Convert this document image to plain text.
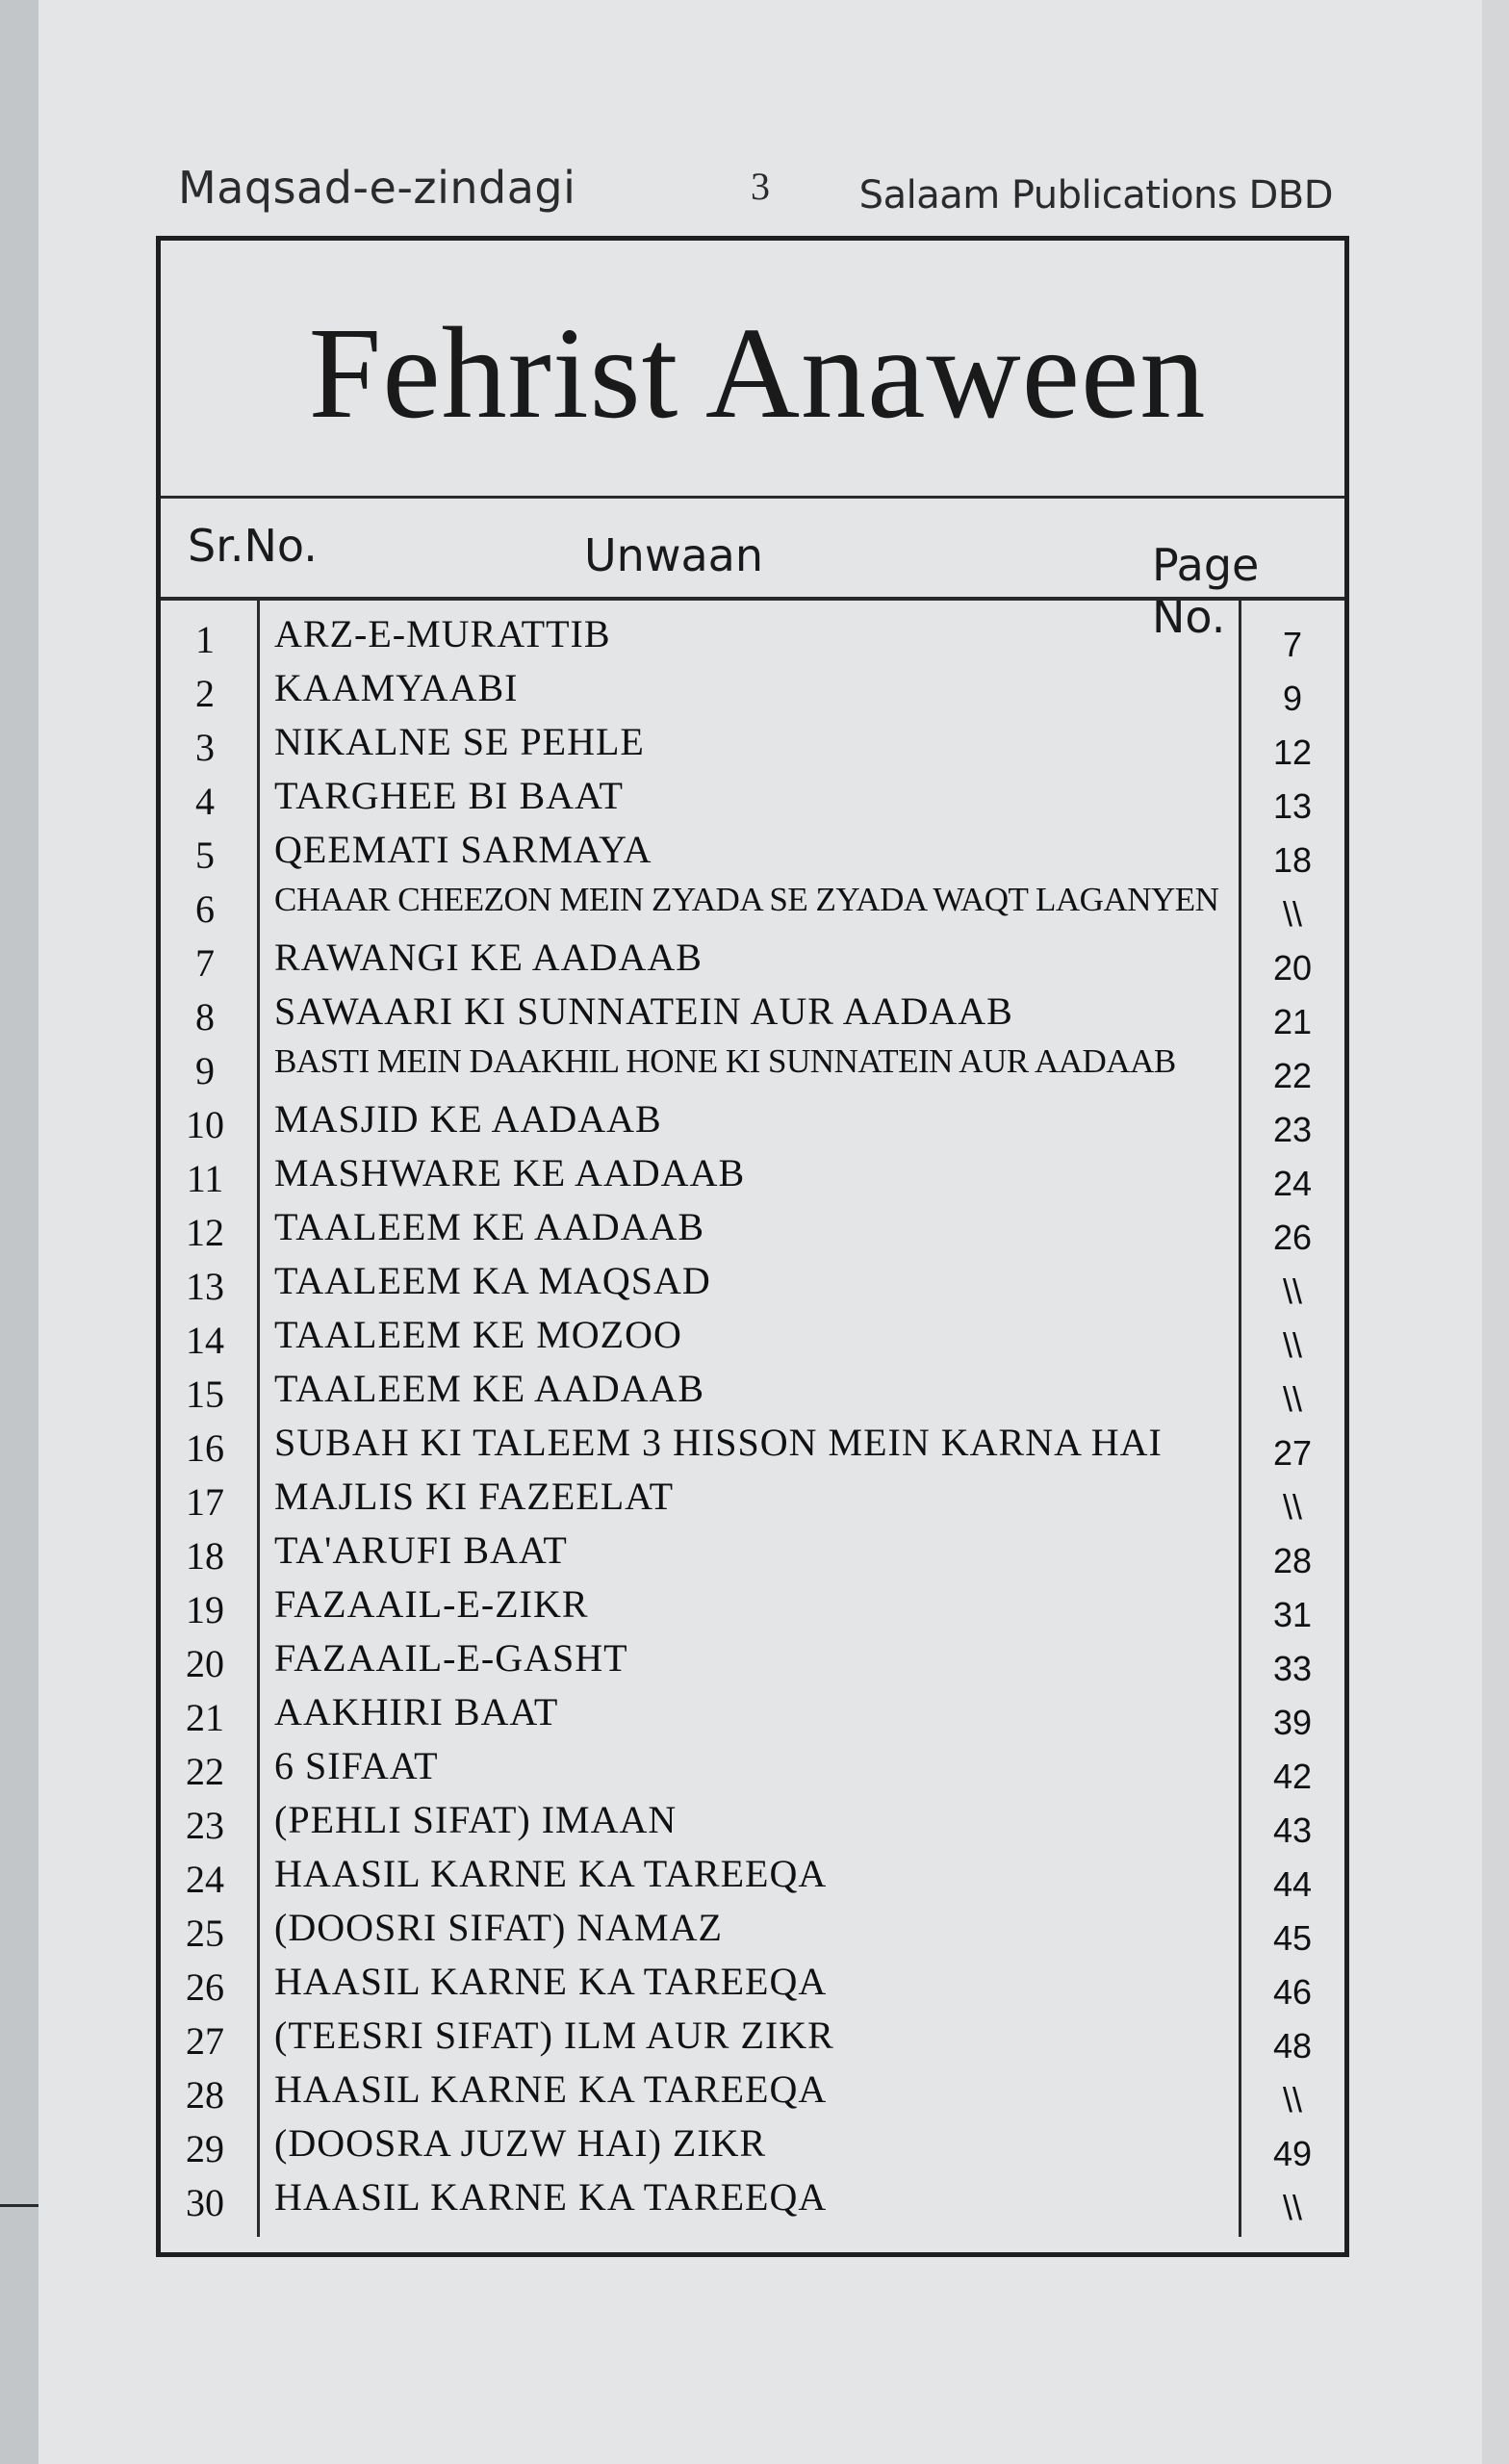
Maqsad-e-zindagi	3 Salaam Publications DBD
Fehrist Anaween
Sr.No.	Unwaan	Page No.
1	ARZ-E-MURATTIB	7
2	KAAMYAABI	9
3	NIKALNE SE PEHLE	12
4	TARGHEE BI BAAT	13
5	QEEMATI SARMAYA	18
6	CHAAR CHEEZON MEIN ZYADA SE ZYADA WAQT LAGANYEN	\\
7	RAWANGI KE AADAAB	20
8	SAWAARI KI SUNNATEIN AUR AADAAB	21
9	BASTI MEIN DAAKHIL HONE KI SUNNATEIN AUR AADAAB	22
10	MASJID KE AADAAB	23
11	MASHWARE KE AADAAB	24
12	TAALEEM KE AADAAB	26
13	TAALEEM KA MAQSAD	\\
14	TAALEEM KE MOZOO	\\
15	TAALEEM KE AADAAB	\\
16	SUBAH KI TALEEM 3 HISSON MEIN KARNA HAI	27
17	MAJLIS KI FAZEELAT	\\
18	TA'ARUFI BAAT	28
19	FAZAAIL-E-ZIKR	31
20	FAZAAIL-E-GASHT	33
21	AAKHIRI BAAT	39
22	6 SIFAAT	42
23	(PEHLI SIFAT) IMAAN	43
24	HAASIL KARNE KA TAREEQA	44
25	(DOOSRI SIFAT) NAMAZ	45
26	HAASIL KARNE KA TAREEQA	46
27	(TEESRI SIFAT) ILM AUR ZIKR	48
28	HAASIL KARNE KA TAREEQA	\\
29	(DOOSRA JUZW HAI) ZIKR	49
30	HAASIL KARNE KA TAREEQA	\\
